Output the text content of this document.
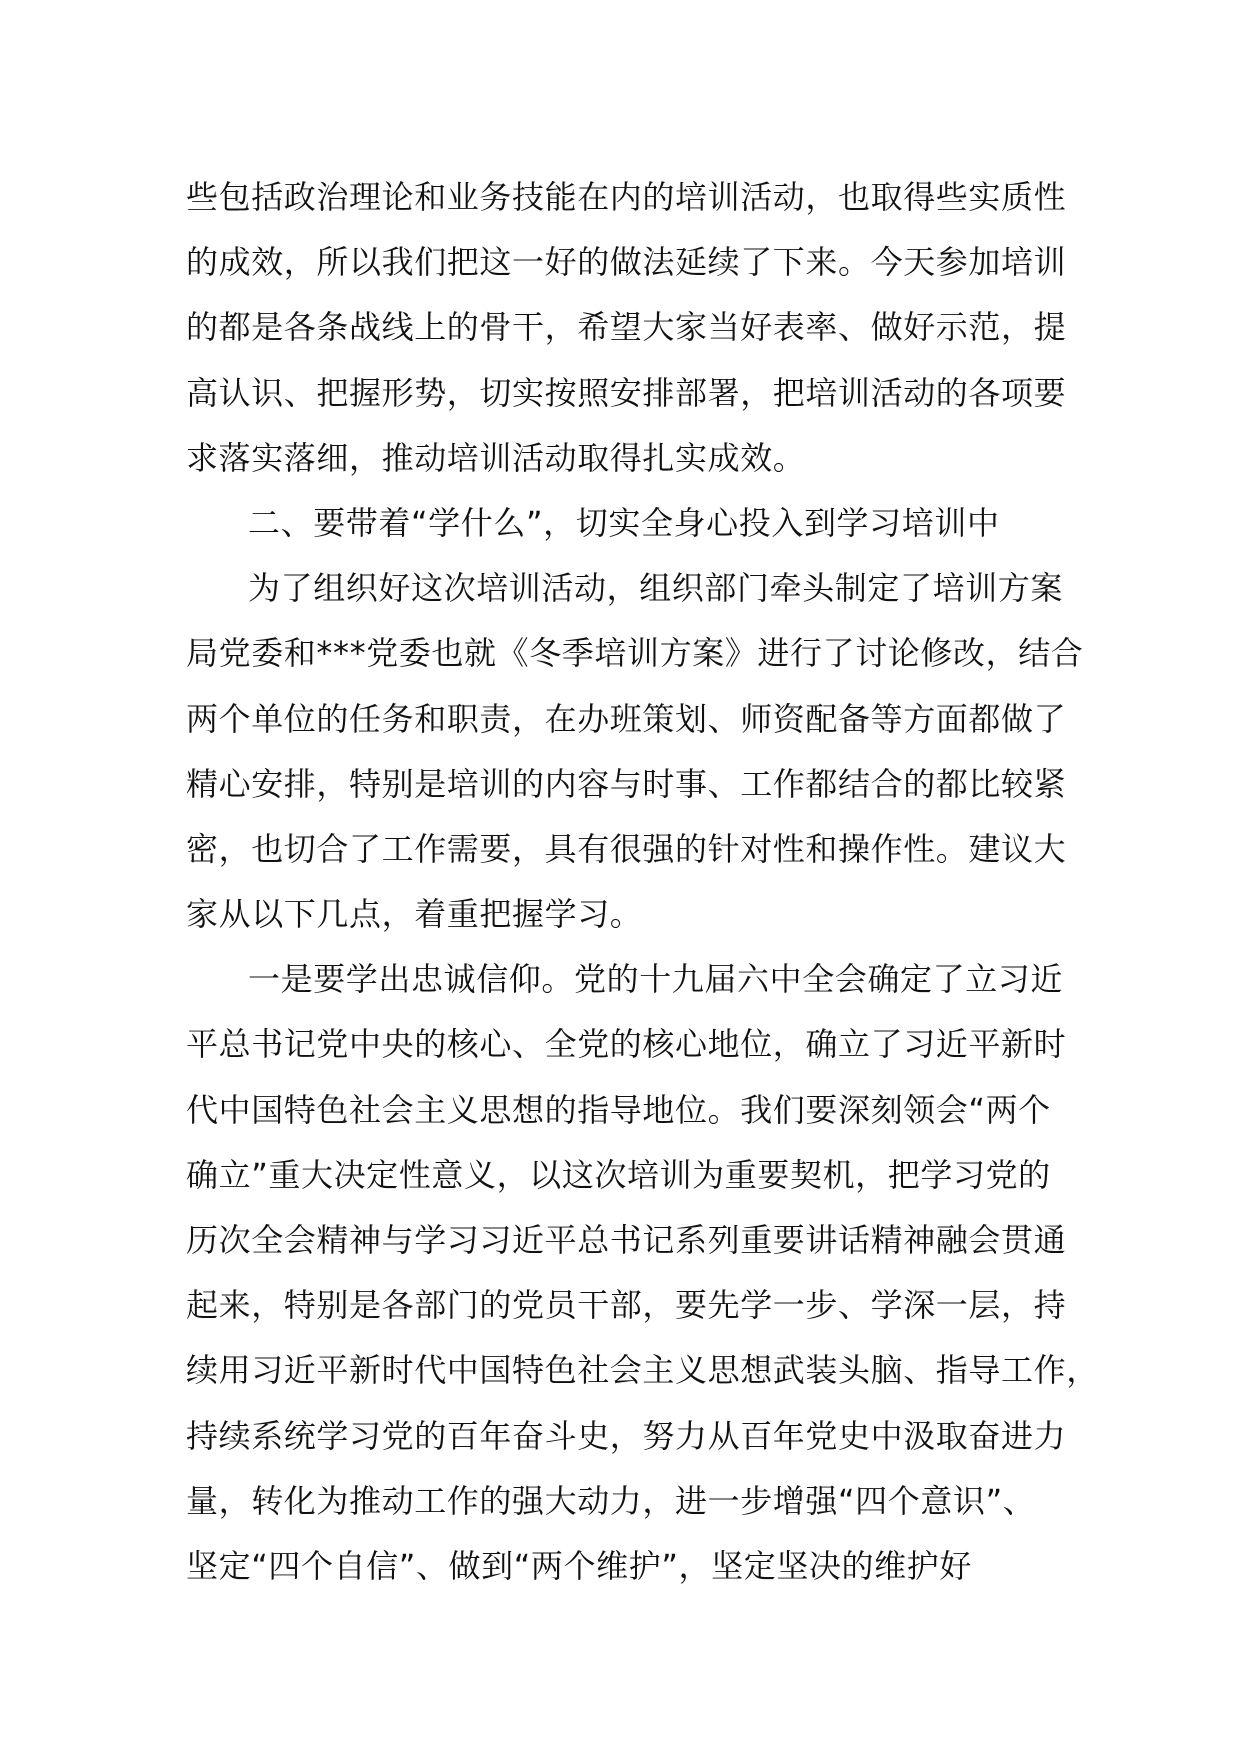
些包括政治理论和业务技能在内的培训活动，也取得些实质性
的成效，所以我们把这一好的做法延续了下来。今天参加培训
的都是各条战线上的骨干，希望大家当好表率、做好示范，提
高认识、把握形势，切实按照安排部署，把培训活动的各项要
求落实落细，推动培训活动取得扎实成效。
二、要带着“学什么”，切实全身心投入到学习培训中
为了组织好这次培训活动，组织部门牵头制定了培训方案
局党委和***党委也就《冬季培训方案》进行了讨论修改，结合
两个单位的任务和职责，在办班策划、师资配备等方面都做了
精心安排，特别是培训的内容与时事、工作都结合的都比较紧
密，也切合了工作需要，具有很强的针对性和操作性。建议大
家从以下几点，着重把握学习。
一是要学出忠诚信仰。党的十九届六中全会确定了立习近
平总书记党中央的核心、全党的核心地位，确立了习近平新时
代中国特色社会主义思想的指导地位。我们要深刻领会“两个
确立”重大决定性意义，以这次培训为重要契机，把学习党的
历次全会精神与学习习近平总书记系列重要讲话精神融会贯通
起来，特别是各部门的党员干部，要先学一步、学深一层，持
续用习近平新时代中国特色社会主义思想武装头脑、指导工作，
持续系统学习党的百年奋斗史，努力从百年党史中汲取奋进力
量，转化为推动工作的强大动力，进一步增强“四个意识”、
坚定“四个自信”、做到“两个维护”，坚定坚决的维护好
